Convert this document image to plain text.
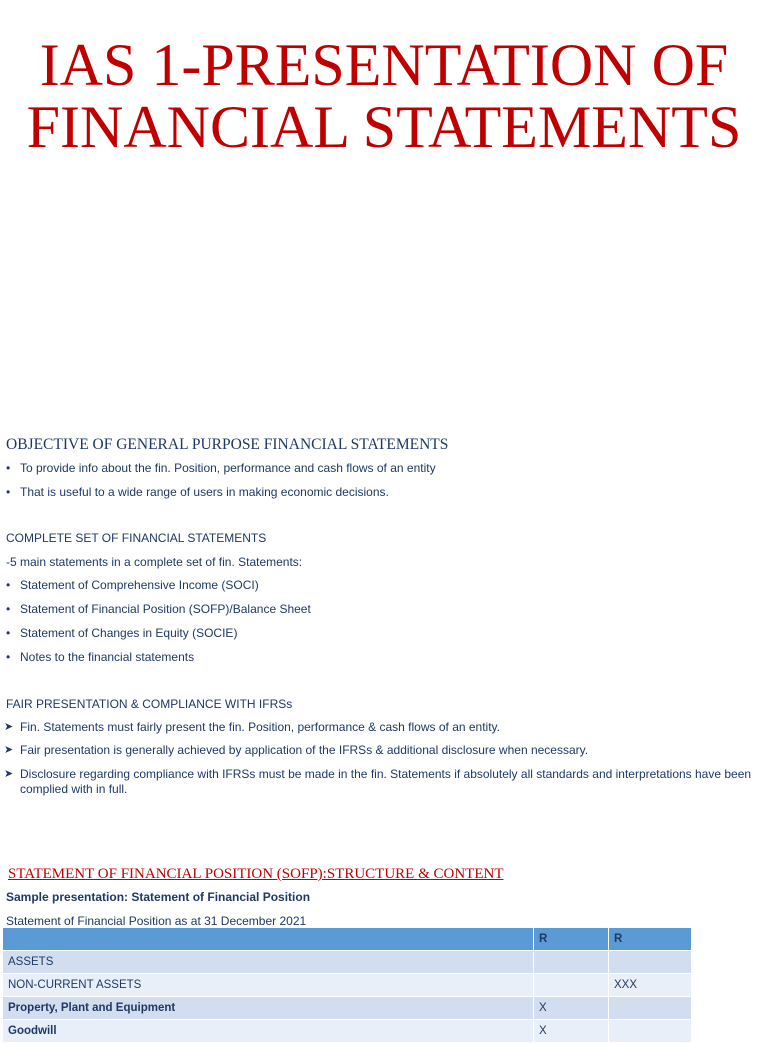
IAS 1-PRESENTATION OF
FINANCIAL STATEMENTS
OBJECTIVE OF GENERAL PURPOSE FINANCIAL STATEMENTS
• To provide info about the fin. Position, performance and cash flows of an entity
• That is useful to a wide range of users in making economic decisions.
COMPLETE SET OF FINANCIAL STATEMENTS
-5 main statements in a complete set of fin. Statements:
• Statement of Comprehensive Income (SOCI)
• Statement of Financial Position (SOFP)/Balance Sheet
• Statement of Changes in Equity (SOCIE)
• Notes to the financial statements
FAIR PRESENTATION & COMPLIANCE WITH IFRSs
➤ Fin. Statements must fairly present the fin. Position, performance & cash flows of an entity.
➤ Fair presentation is generally achieved by application of the IFRSs & additional disclosure when necessary.
➤ Disclosure regarding compliance with IFRSs must be made in the fin. Statements if absolutely all standards and interpretations have been complied with in full.
STATEMENT OF FINANCIAL POSITION (SOFP):STRUCTURE & CONTENT
Sample presentation: Statement of Financial Position
Statement of Financial Position as at 31 December 2021
	R	R
ASSETS		
NON-CURRENT ASSETS		XXX
Property, Plant and Equipment	X	
Goodwill	X	
